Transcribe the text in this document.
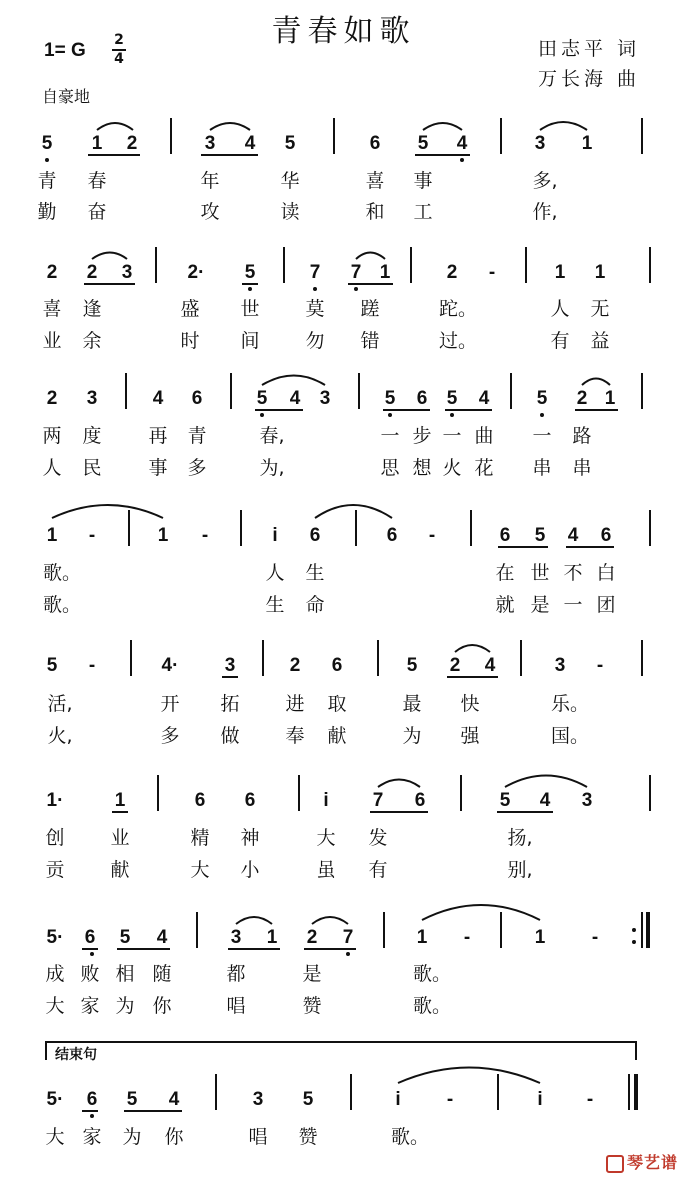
青春如歌	田志平 词
万长海 曲
1= G 2
4
自豪地
5 1 2	3 4 5	6 5 4	3 1
青 春	年	华	喜 事	多,
勤 奋	攻	读	和 工	作,
2 2 3	2· 5	7 7 1	2 -	1 1
喜 逢	盛 世 莫 蹉	跎。	人 无
业 余	时 间 勿 错	过。	有 益
2 3	4 6	5 4 3	5 6 5 4 5 2 1
两 度 再 青	春,	一 步 一 曲 一 路
人 民 事 多	为,	思 想 火 花 串 串
1 -	1 -	i 6	6 -	6 5 4 6
歌。	人 生	在 世 不 白
歌。	生 命	就 是 一 团
5 -	4· 3	2 6	5 2 4	3 -
活,	开 拓 进 取	最 快	乐。
火,	多 做 奉 献	为 强	国。
1·	1	6 6	i 7 6	5 4 3
创 业	精 神	大 发	扬,
贡 献	大 小	虽 有	别,
5· 6 5 4	3 1 2 7	1 -	1 -
成 败 相 随	都	是	歌。
大 家 为 你	唱	赞	歌。
结束句
5· 6 5 4	3 5	i -	i -
大 家 为 你	唱 赞	歌。
琴艺谱
